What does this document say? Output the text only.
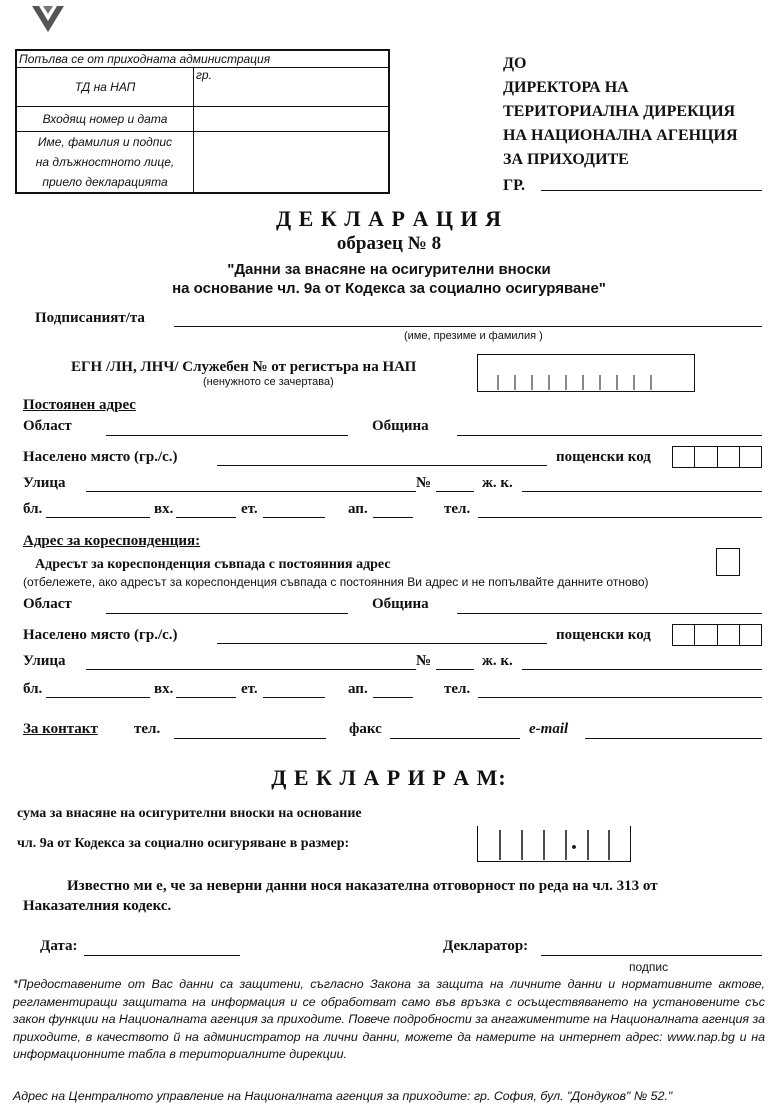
Попълва се от приходната администрация	
ТД на НАП	гр.
Входящ номер и дата	

Име, фамилия и подпис
на длъжностното лице,
приело декларацията	

ДО
ДИРЕКТОРА НА
ТЕРИТОРИАЛНА ДИРЕКЦИЯ
НА НАЦИОНАЛНА АГЕНЦИЯ
ЗА ПРИХОДИТЕ
ГР.
Д Е К Л А Р А Ц И Я
образец № 8
"Данни за внасяне на осигурителни вноски
на основание чл. 9а от Кодекса за социално осигуряване"
Подписаният/та
(име, презиме и фамилия )
ЕГН /ЛН, ЛНЧ/ Служебен № от регистъра на НАП
(ненужното се зачертава)
Постоянен адрес
Област	Община
Населено място (гр./с.)	пощенски код
Улица	№	ж. к.
бл.	вх.	ет.	ап.	тел.
Адрес за кореспонденция:
Адресът за кореспонденция съвпада с постоянния адрес
(отбележете, ако адресът за кореспонденция съвпада с постоянния Ви адрес и не попълвайте данните отново)
Област	Община
Населено място (гр./с.)	пощенски код
Улица	№	ж. к.
бл.	вх.	ет.	ап.	тел.
За контакт тел.	факс	e-mail
Д Е К Л А Р И Р А М:
сума за внасяне на осигурителни вноски на основание
чл. 9а от Кодекса за социално осигуряване в размер:	.
Известно ми е, че за неверни данни нося наказателна отговорност по реда на чл. 313 от
Наказателния кодекс.
Дата:	Декларатор:
подпис
*Предоставените от Вас данни са защитени, съгласно Закона за защита на личните данни и нормативните актове, регламентиращи защитата на информация и се обработват само във връзка с осъществяването на установените със закон функции на Националната агенция за приходите. Повече подробности за ангажиментите на Националната агенция за приходите, в качеството й на администратор на лични данни, можете да намерите на интернет адрес: www.nap.bg и на информационните табла в териториалните дирекции.
Адрес на Централното управление на Националната агенция за приходите: гр. София, бул. "Дондуков" № 52."
